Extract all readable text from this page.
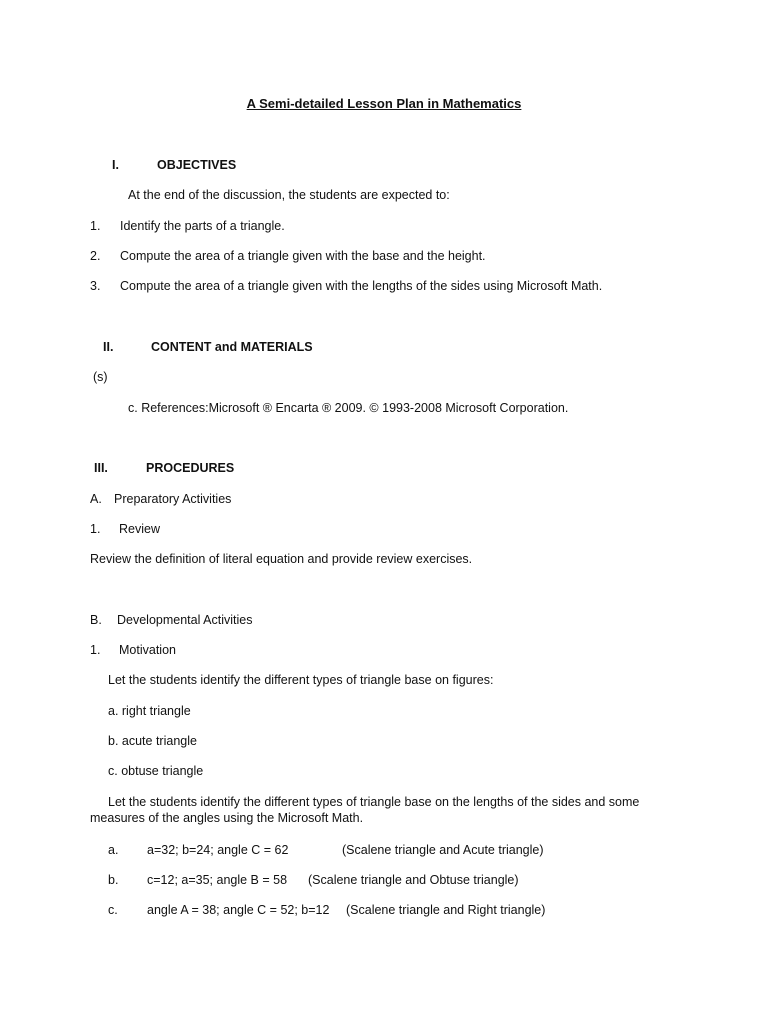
A Semi-detailed Lesson Plan in Mathematics
I.	OBJECTIVES
At the end of the discussion, the students are expected to:
1. Identify the parts of a triangle.
2. Compute the area of a triangle given with the base and the height.
3. Compute the area of a triangle given with the lengths of the sides using Microsoft Math.
II.	CONTENT and MATERIALS
(s)
c. References:Microsoft ® Encarta ® 2009. © 1993-2008 Microsoft Corporation.
III.	PROCEDURES
A. Preparatory Activities
1. Review
Review the definition of literal equation and provide review exercises.
B. Developmental Activities
1. Motivation
Let the students identify the different types of triangle base on figures:
a. right triangle
b. acute triangle
c. obtuse triangle
Let the students identify the different types of triangle base on the lengths of the sides and some measures of the angles using the Microsoft Math.
a. a=32; b=24; angle C = 62	(Scalene triangle and Acute triangle)
b. c=12; a=35; angle B = 58 (Scalene triangle and Obtuse triangle)
c. angle A = 38; angle C = 52; b=12 (Scalene triangle and Right triangle)
